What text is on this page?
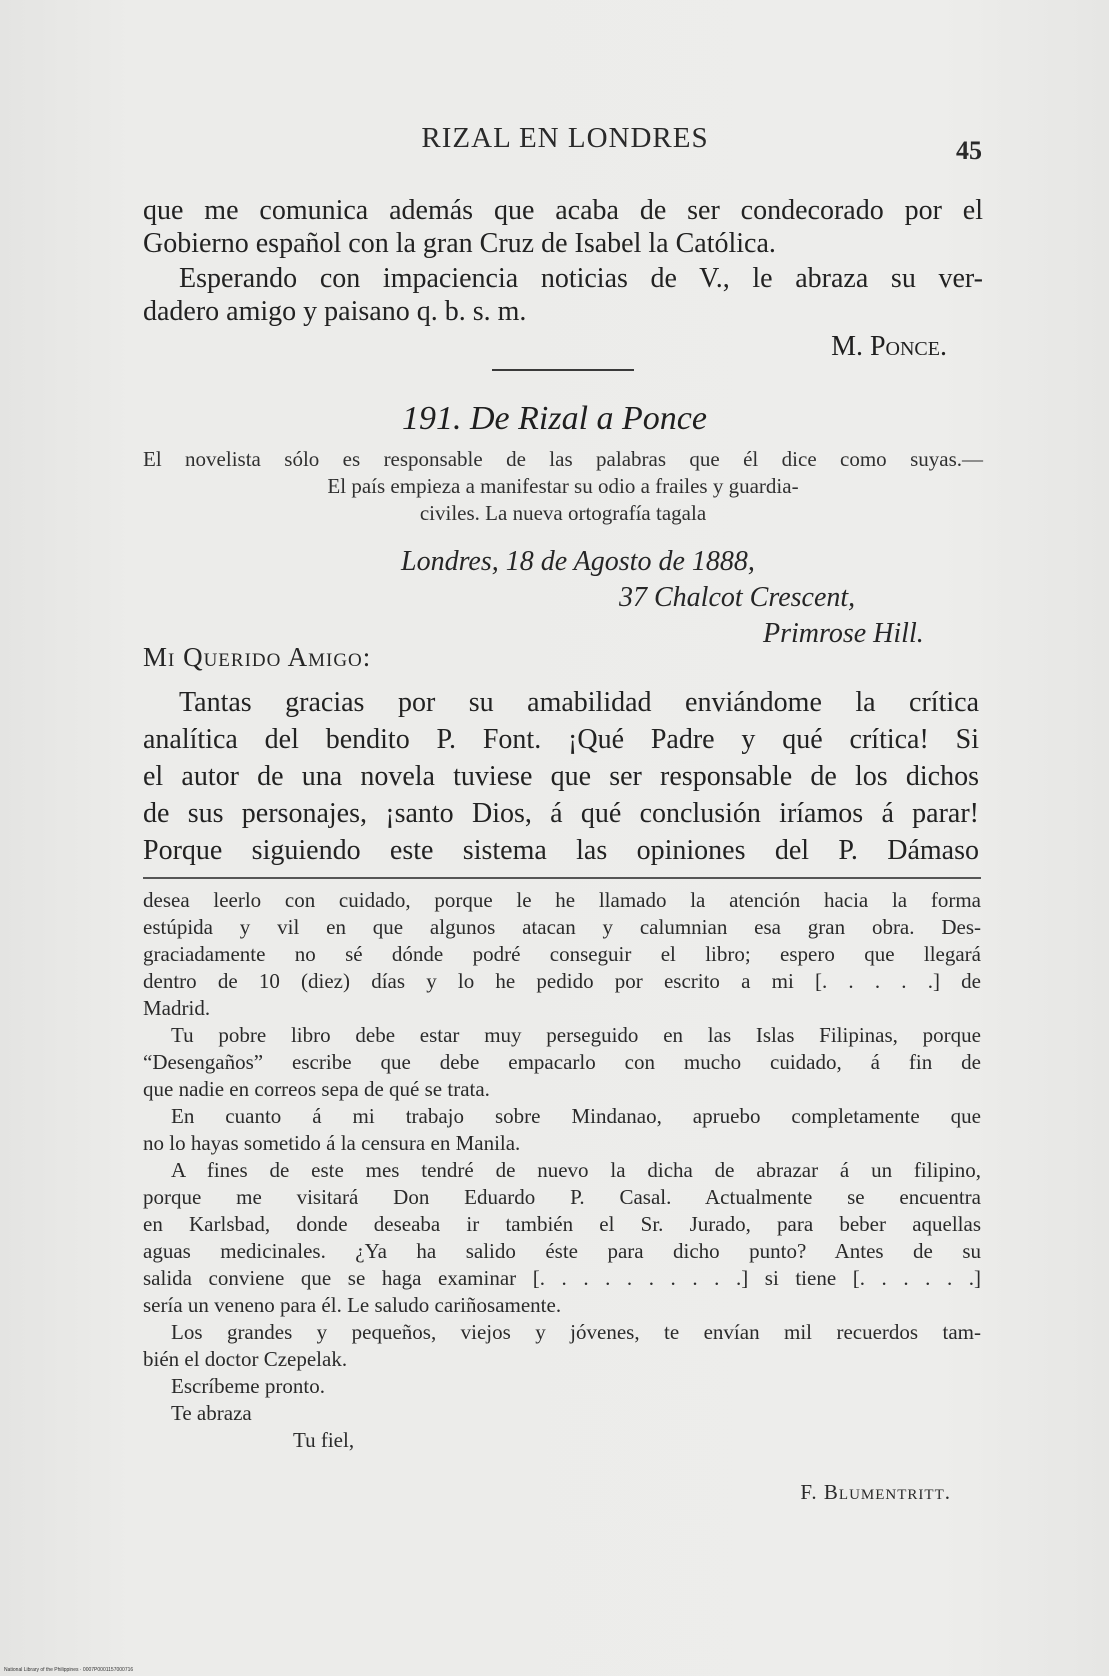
RIZAL EN LONDRES	45
que me comunica además que acaba de ser condecorado por el
Gobierno español con la gran Cruz de Isabel la Católica.
Esperando con impaciencia noticias de V., le abraza su ver-
dadero amigo y paisano q. b. s. m.
M. Ponce.
191. De Rizal a Ponce
El novelista sólo es responsable de las palabras que él dice como suyas.—
El país empieza a manifestar su odio a frailes y guardia-
civiles. La nueva ortografía tagala
Londres, 18 de Agosto de 1888,
37 Chalcot Crescent,
Primrose Hill.
Mi Querido Amigo:
Tantas gracias por su amabilidad enviándome la crítica
analítica del bendito P. Font. ¡Qué Padre y qué crítica! Si
el autor de una novela tuviese que ser responsable de los dichos
de sus personajes, ¡santo Dios, á qué conclusión iríamos á parar!
Porque siguiendo este sistema las opiniones del P. Dámaso
desea leerlo con cuidado, porque le he llamado la atención hacia la forma
estúpida y vil en que algunos atacan y calumnian esa gran obra. Des-
graciadamente no sé dónde podré conseguir el libro; espero que llegará
dentro de 10 (diez) días y lo he pedido por escrito a mi [. . . . .] de
Madrid.
Tu pobre libro debe estar muy perseguido en las Islas Filipinas, porque
“Desengaños” escribe que debe empacarlo con mucho cuidado, á fin de
que nadie en correos sepa de qué se trata.
En cuanto á mi trabajo sobre Mindanao, apruebo completamente que
no lo hayas sometido á la censura en Manila.
A fines de este mes tendré de nuevo la dicha de abrazar á un filipino,
porque me visitará Don Eduardo P. Casal. Actualmente se encuentra
en Karlsbad, donde deseaba ir también el Sr. Jurado, para beber aquellas
aguas medicinales. ¿Ya ha salido éste para dicho punto? Antes de su
salida conviene que se haga examinar [. . . . . . . . . .] si tiene [. . . . . .]
sería un veneno para él. Le saludo cariñosamente.
Los grandes y pequeños, viejos y jóvenes, te envían mil recuerdos tam-
bién el doctor Czepelak.
Escríbeme pronto.
Te abraza
Tu fiel,
F. Blumentritt.
National Library of the Philippines · 0007P0001157000716
